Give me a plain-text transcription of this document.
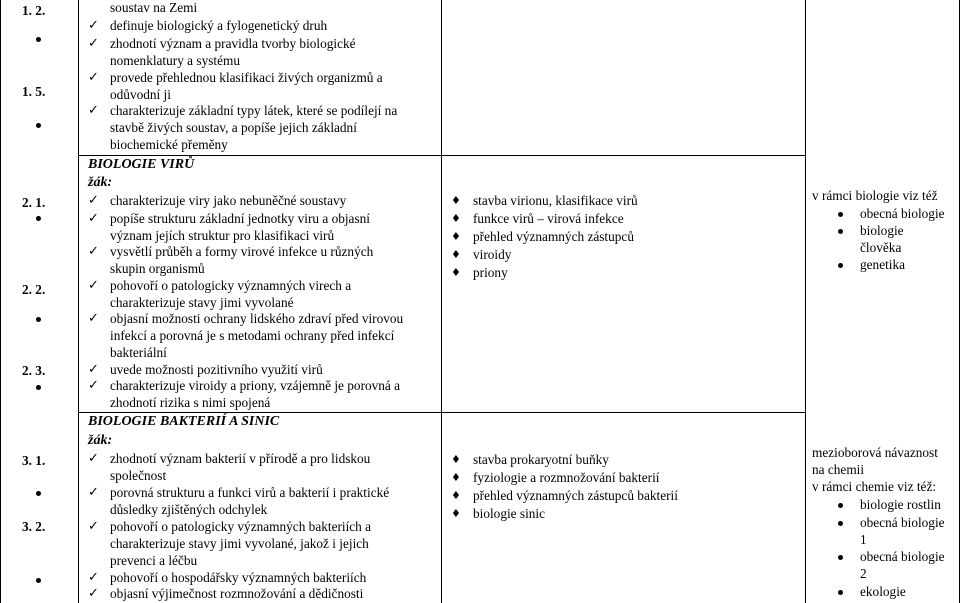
1. 2.
1. 5.
2. 1.
2. 2.
2. 3.
3. 1.
3. 2.
soustav na Zemi
✓ definuje biologický a fylogenetický druh
✓ zhodnotí význam a pravidla tvorby biologické
nomenklatury a systému
✓ provede přehlednou klasifikaci živých organizmů a
odůvodní ji
✓ charakterizuje základní typy látek, které se podílejí na
stavbě živých soustav, a popíše jejich základní
biochemické přeměny
BIOLOGIE VIRŮ
žák:
✓ charakterizuje viry jako nebuněčné soustavy
✓ popíše strukturu základní jednotky viru a objasní
význam jejích struktur pro klasifikaci virů
✓ vysvětlí průběh a formy virové infekce u různých
skupin organismů
✓ pohovoří o patologicky významných virech a
charakterizuje stavy jimi vyvolané
✓ objasní možnosti ochrany lidského zdraví před virovou
infekcí a porovná je s metodami ochrany před infekcí
bakteriální
✓ uvede možnosti pozitivního využití virů
✓ charakterizuje viroidy a priony, vzájemně je porovná a
zhodnotí rizika s nimi spojená
BIOLOGIE BAKTERIÍ A SINIC
žák:
✓ zhodnotí význam bakterií v přírodě a pro lidskou
společnost
✓ porovná strukturu a funkci virů a bakterií i praktické
důsledky zjištěných odchylek
✓ pohovoří o patologicky významných bakteriích a
charakterizuje stavy jimi vyvolané, jakož i jejich
prevenci a léčbu
✓ pohovoří o hospodářsky významných bakteriích
✓ objasní výjimečnost rozmnožování a dědičnosti
♦ stavba virionu, klasifikace virů
♦ funkce virů – virová infekce
♦ přehled významných zástupců
♦ viroidy
♦ priony
♦ stavba prokaryotní buňky
♦ fyziologie a rozmnožování bakterií
♦ přehled významných zástupců bakterií
♦ biologie sinic
v rámci biologie viz též
obecná biologie
biologie
člověka
genetika
mezioborová návaznost
na chemii
v rámci chemie viz též:
biologie rostlin
obecná biologie
1
obecná biologie
2
ekologie
